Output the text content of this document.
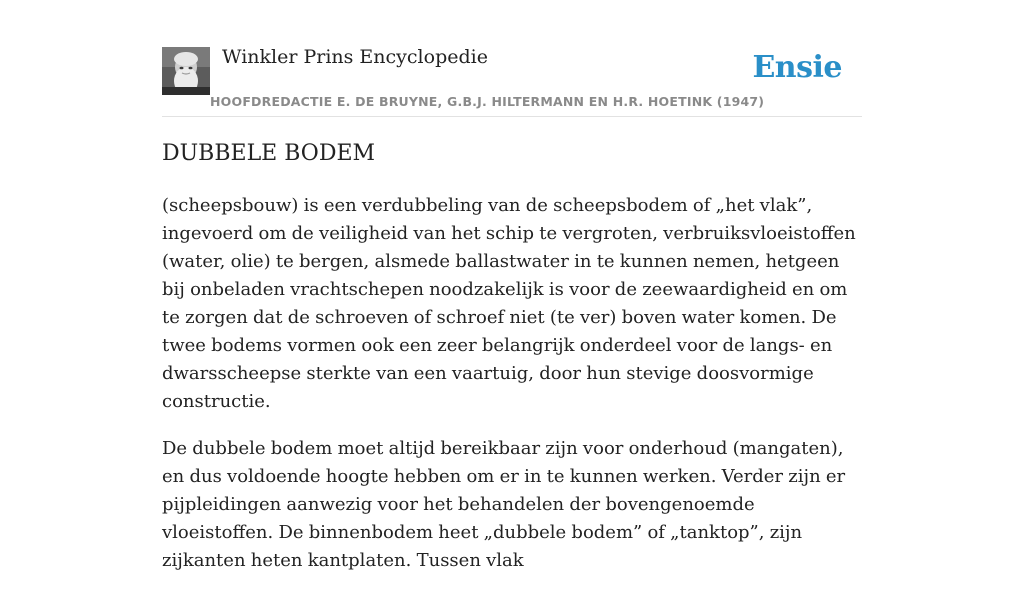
Winkler Prins Encyclopedie
HOOFDREDACTIE E. DE BRUYNE, G.B.J. HILTERMANN EN H.R. HOETINK (1947)
Ensie
DUBBELE BODEM

(scheepsbouw) is een verdubbeling van de scheepsbodem of „het vlak”, ingevoerd om de veiligheid van het schip te vergroten, verbruiksvloeistoffen (water, olie) te bergen, alsmede ballastwater in te kunnen nemen, hetgeen bij onbeladen vrachtschepen noodzakelijk is voor de zeewaardigheid en om te zorgen dat de schroeven of schroef niet (te ver) boven water komen. De twee bodems vormen ook een zeer belangrijk onderdeel voor de langs- en dwarsscheepse sterkte van een vaartuig, door hun stevige doosvormige constructie.

De dubbele bodem moet altijd bereikbaar zijn voor onderhoud (mangaten), en dus voldoende hoogte hebben om er in te kunnen werken. Verder zijn er pijpleidingen aanwezig voor het behandelen der bovengenoemde vloeistoffen. De binnenbodem heet „dubbele bodem” of „tanktop”, zijn zijkanten heten kantplaten. Tussen vlak
